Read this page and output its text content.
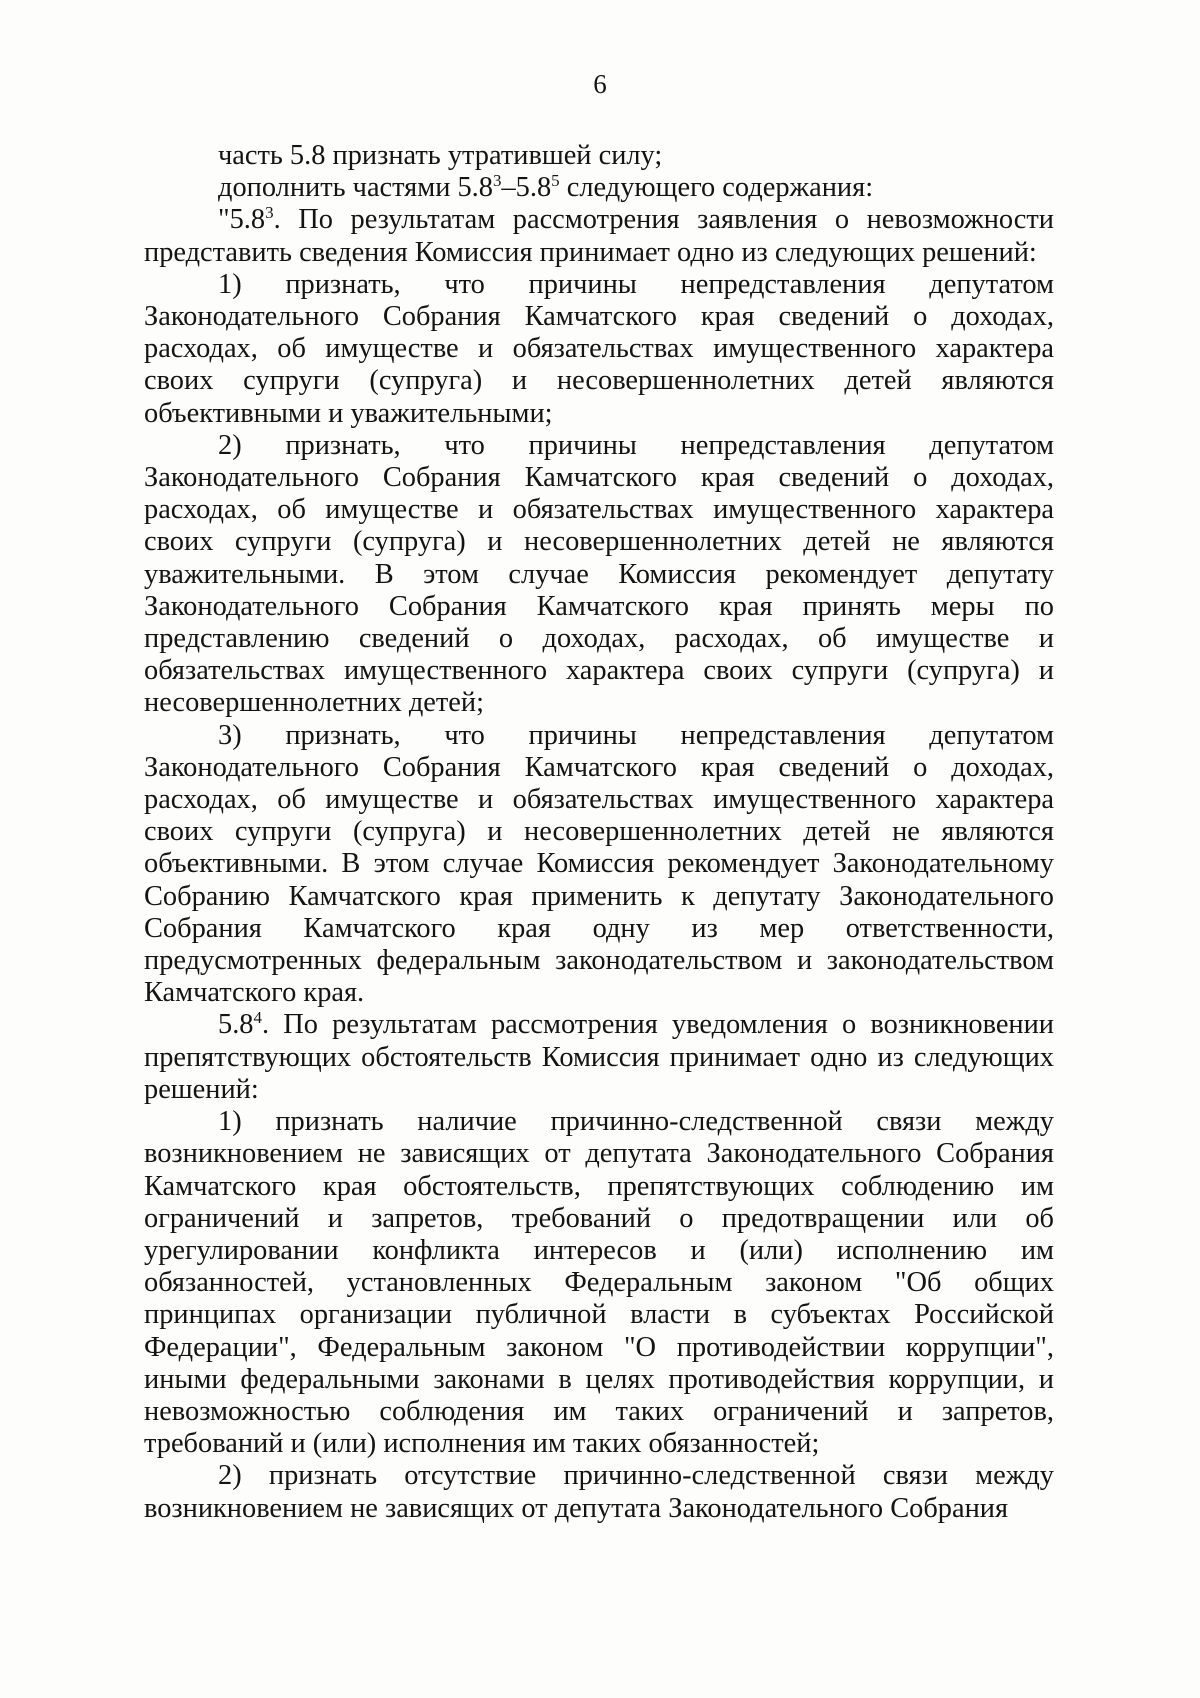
6

часть 5.8 признать утратившей силу;

дополнить частями $5.8^3-5.8^5$ следующего содержания:

"$5.8^3$. По результатам рассмотрения заявления о невозможности представить сведения Комиссия принимает одно из следующих решений:

1) признать, что причины непредставления депутатом Законодательного Собрания Камчатского края сведений о доходах, расходах, об имуществе и обязательствах имущественного характера своих супруги (супруга) и несовершеннолетних детей являются объективными и уважительными;

2) признать, что причины непредставления депутатом Законодательного Собрания Камчатского края сведений о доходах, расходах, об имуществе и обязательствах имущественного характера своих супруги (супруга) и несовершеннолетних детей не являются уважительными. В этом случае Комиссия рекомендует депутату Законодательного Собрания Камчатского края принять меры по представлению сведений о доходах, расходах, об имуществе и обязательствах имущественного характера своих супруги (супруга) и несовершеннолетних детей;

3) признать, что причины непредставления депутатом Законодательного Собрания Камчатского края сведений о доходах, расходах, об имуществе и обязательствах имущественного характера своих супруги (супруга) и несовершеннолетних детей не являются объективными. В этом случае Комиссия рекомендует Законодательному Собранию Камчатского края применить к депутату Законодательного Собрания Камчатского края одну из мер ответственности, предусмотренных федеральным законодательством и законодательством Камчатского края.

$5.8^4$. По результатам рассмотрения уведомления о возникновении препятствующих обстоятельств Комиссия принимает одно из следующих решений:

1) признать наличие причинно-следственной связи между возникновением не зависящих от депутата Законодательного Собрания Камчатского края обстоятельств, препятствующих соблюдению им ограничений и запретов, требований о предотвращении или об урегулировании конфликта интересов и (или) исполнению им обязанностей, установленных Федеральным законом "Об общих принципах организации публичной власти в субъектах Российской Федерации", Федеральным законом "О противодействии коррупции", иными федеральными законами в целях противодействия коррупции, и невозможностью соблюдения им таких ограничений и запретов, требований и (или) исполнения им таких обязанностей;

2) признать отсутствие причинно-следственной связи между возникновением не зависящих от депутата Законодательного Собрания
